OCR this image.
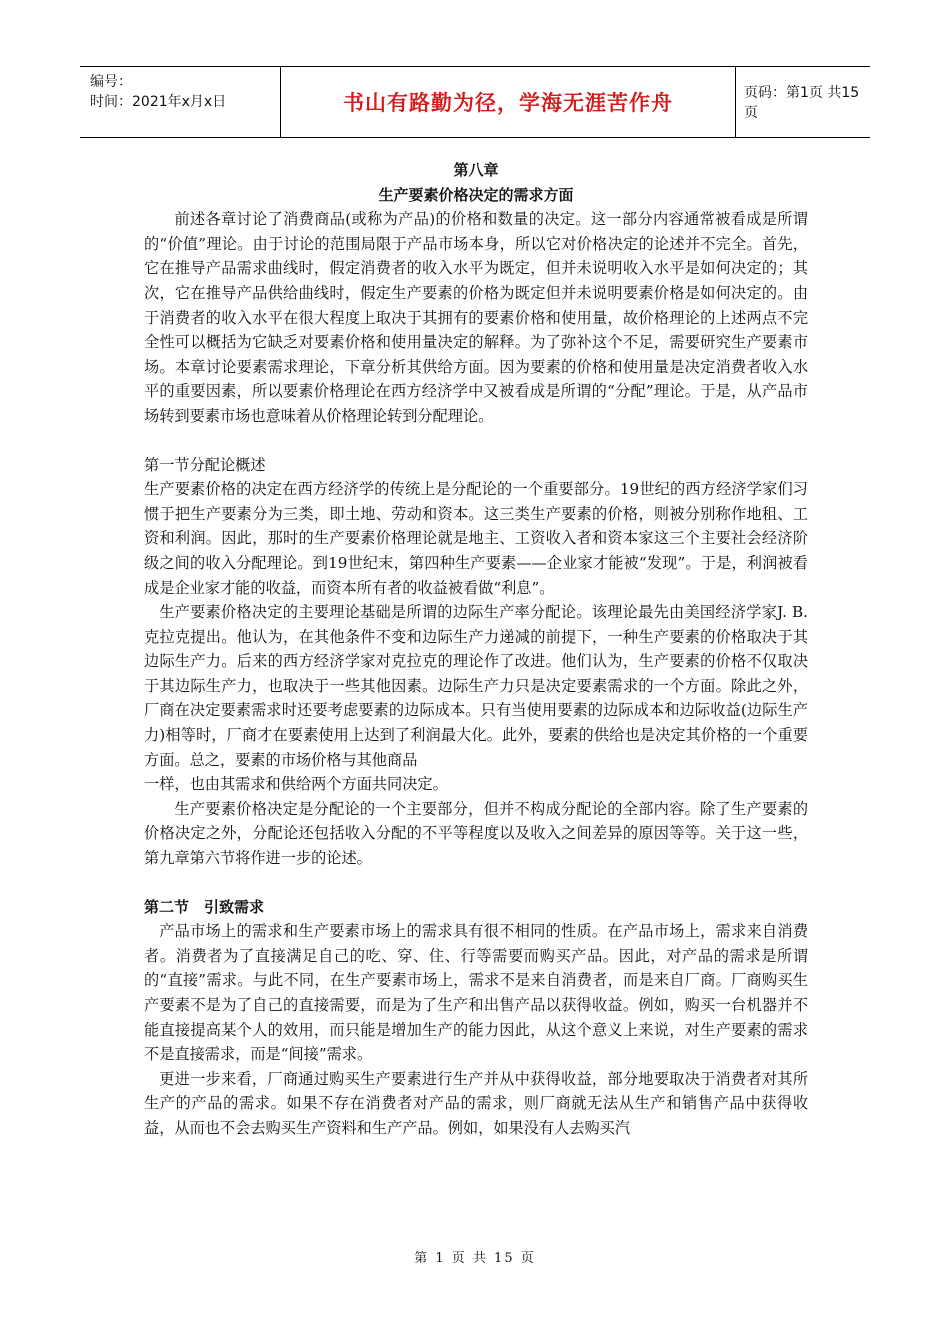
编号：
时间：2021年x月x日	书山有路勤为径，学海无涯苦作舟	页码：第1页 共15页
第八章
生产要素价格决定的需求方面

前述各章讨论了消费商品(或称为产品)的价格和数量的决定。这一部分内容通常被看成是所谓的“价值”理论。由于讨论的范围局限于产品市场本身，所以它对价格决定的论述并不完全。首先，它在推导产品需求曲线时，假定消费者的收入水平为既定，但并未说明收入水平是如何决定的；其次，它在推导产品供给曲线时，假定生产要素的价格为既定但并未说明要素价格是如何决定的。由于消费者的收入水平在很大程度上取决于其拥有的要素价格和使用量，故价格理论的上述两点不完全性可以概括为它缺乏对要素价格和使用量决定的解释。为了弥补这个不足，需要研究生产要素市场。本章讨论要素需求理论，下章分析其供给方面。因为要素的价格和使用量是决定消费者收入水平的重要因素，所以要素价格理论在西方经济学中又被看成是所谓的“分配”理论。于是，从产品市场转到要素市场也意味着从价格理论转到分配理论。

第一节分配论概述

生产要素价格的决定在西方经济学的传统上是分配论的一个重要部分。19世纪的西方经济学家们习惯于把生产要素分为三类，即土地、劳动和资本。这三类生产要素的价格，则被分别称作地租、工资和利润。因此，那时的生产要素价格理论就是地主、工资收入者和资本家这三个主要社会经济阶级之间的收入分配理论。到19世纪末，第四种生产要素——企业家才能被“发现”。于是，利润被看成是企业家才能的收益，而资本所有者的收益被看做“利息”。

生产要素价格决定的主要理论基础是所谓的边际生产率分配论。该理论最先由美国经济学家J. B. 克拉克提出。他认为，在其他条件不变和边际生产力递减的前提下，一种生产要素的价格取决于其边际生产力。后来的西方经济学家对克拉克的理论作了改进。他们认为，生产要素的价格不仅取决于其边际生产力，也取决于一些其他因素。边际生产力只是决定要素需求的一个方面。除此之外，厂商在决定要素需求时还要考虑要素的边际成本。只有当使用要素的边际成本和边际收益(边际生产力)相等时，厂商才在要素使用上达到了利润最大化。此外，要素的供给也是决定其价格的一个重要方面。总之，要素的市场价格与其他商品

一样，也由其需求和供给两个方面共同决定。

生产要素价格决定是分配论的一个主要部分，但并不构成分配论的全部内容。除了生产要素的价格决定之外，分配论还包括收入分配的不平等程度以及收入之间差异的原因等等。关于这一些，第九章第六节将作进一步的论述。

第二节　引致需求

产品市场上的需求和生产要素市场上的需求具有很不相同的性质。在产品市场上，需求来自消费者。消费者为了直接满足自己的吃、穿、住、行等需要而购买产品。因此，对产品的需求是所谓的“直接”需求。与此不同，在生产要素市场上，需求不是来自消费者，而是来自厂商。厂商购买生产要素不是为了自己的直接需要，而是为了生产和出售产品以获得收益。例如，购买一台机器并不能直接提高某个人的效用，而只能是增加生产的能力因此，从这个意义上来说，对生产要素的需求不是直接需求，而是“间接”需求。

更进一步来看，厂商通过购买生产要素进行生产并从中获得收益，部分地要取决于消费者对其所生产的产品的需求。如果不存在消费者对产品的需求，则厂商就无法从生产和销售产品中获得收益，从而也不会去购买生产资料和生产产品。例如，如果没有人去购买汽

第 1 页 共 15 页
